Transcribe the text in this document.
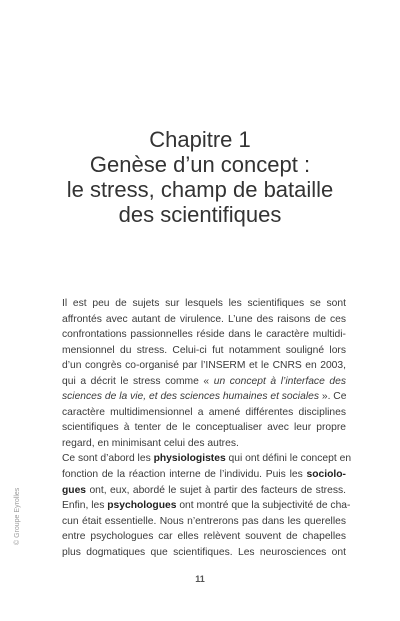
Chapitre 1
Genèse d’un concept :
le stress, champ de bataille
des scientifiques

Il est peu de sujets sur lesquels les scientifiques se sont
affrontés avec autant de virulence. L’une des raisons de ces
confrontations passionnelles réside dans le caractère multidi-
mensionnel du stress. Celui-ci fut notamment souligné lors
d’un congrès co-organisé par l’INSERM et le CNRS en 2003,
qui a décrit le stress comme « un concept à l’interface des
sciences de la vie, et des sciences humaines et sociales ». Ce
caractère multidimensionnel a amené différentes disciplines
scientifiques à tenter de le conceptualiser avec leur propre
regard, en minimisant celui des autres.

Ce sont d’abord les physiologistes qui ont défini le concept en
fonction de la réaction interne de l’individu. Puis les sociolo-
gues ont, eux, abordé le sujet à partir des facteurs de stress.
Enfin, les psychologues ont montré que la subjectivité de cha-
cun était essentielle. Nous n’entrerons pas dans les querelles
entre psychologues car elles relèvent souvent de chapelles
plus dogmatiques que scientifiques. Les neurosciences ont

© Groupe Eyrolles
11
